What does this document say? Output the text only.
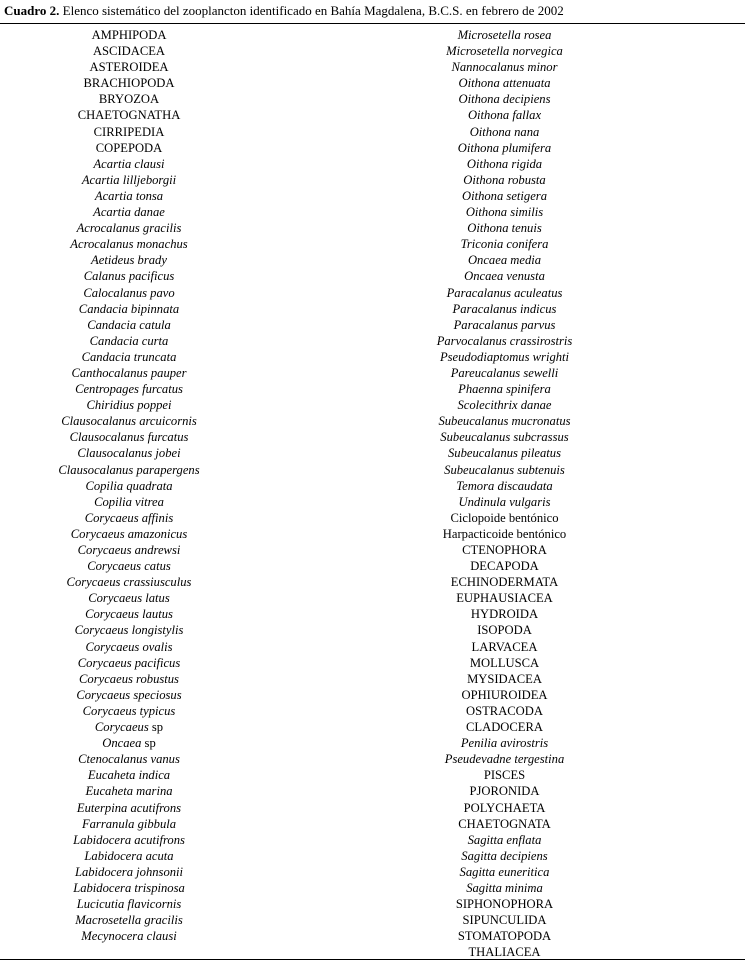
Cuadro 2. Elenco sistemático del zooplancton identificado en Bahía Magdalena, B.C.S. en febrero de 2002
AMPHIPODA
ASCIDACEA
ASTEROIDEA
BRACHIOPODA
BRYOZOA
CHAETOGNATHA
CIRRIPEDIA
COPEPODA
Acartia clausi
Acartia lilljeborgii
Acartia tonsa
Acartia danae
Acrocalanus gracilis
Acrocalanus monachus
Aetideus brady
Calanus pacificus
Calocalanus pavo
Candacia bipinnata
Candacia catula
Candacia curta
Candacia truncata
Canthocalanus pauper
Centropages furcatus
Chiridius poppei
Clausocalanus arcuicornis
Clausocalanus furcatus
Clausocalanus jobei
Clausocalanus parapergens
Copilia quadrata
Copilia vitrea
Corycaeus affinis
Corycaeus amazonicus
Corycaeus andrewsi
Corycaeus catus
Corycaeus crassiusculus
Corycaeus latus
Corycaeus lautus
Corycaeus longistylis
Corycaeus ovalis
Corycaeus pacificus
Corycaeus robustus
Corycaeus speciosus
Corycaeus typicus
Corycaeus sp
Oncaea sp
Ctenocalanus vanus
Eucaheta indica
Eucaheta marina
Euterpina acutifrons
Farranula gibbula
Labidocera acutifrons
Labidocera acuta
Labidocera johnsonii
Labidocera trispinosa
Lucicutia flavicornis
Macrosetella gracilis
Mecynocera clausi
Microsetella rosea
Microsetella norvegica
Nannocalanus minor
Oithona attenuata
Oithona decipiens
Oithona fallax
Oithona nana
Oithona plumifera
Oithona rigida
Oithona robusta
Oithona setigera
Oithona similis
Oithona tenuis
Triconia conifera
Oncaea media
Oncaea venusta
Paracalanus aculeatus
Paracalanus indicus
Paracalanus parvus
Parvocalanus crassirostris
Pseudodiaptomus wrighti
Pareucalanus sewelli
Phaenna spinifera
Scolecithrix danae
Subeucalanus mucronatus
Subeucalanus subcrassus
Subeucalanus pileatus
Subeucalanus subtenuis
Temora discaudata
Undinula vulgaris
Ciclopoide bentónico
Harpacticoide bentónico
CTENOPHORA
DECAPODA
ECHINODERMATA
EUPHAUSIACEA
HYDROIDA
ISOPODA
LARVACEA
MOLLUSCA
MYSIDACEA
OPHIUROIDEA
OSTRACODA
CLADOCERA
Penilia avirostris
Pseudevadne tergestina
PISCES
PJORONIDA
POLYCHAETA
CHAETOGNATA
Sagitta enflata
Sagitta decipiens
Sagitta euneritica
Sagitta minima
SIPHONOPHORA
SIPUNCULIDA
STOMATOPODA
THALIACEA
